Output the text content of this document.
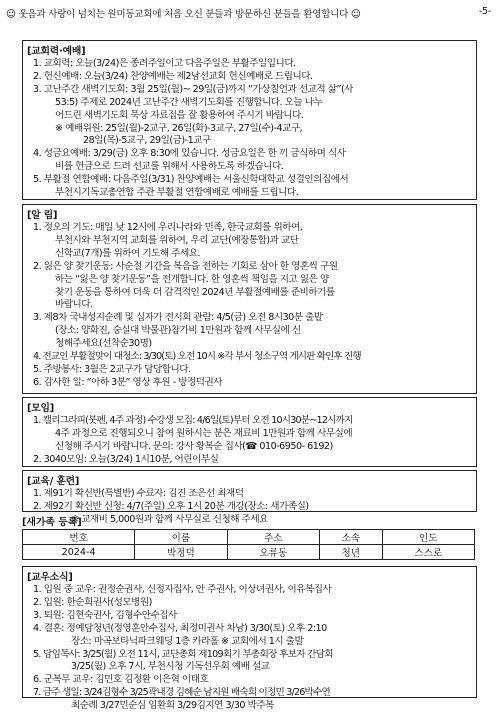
☺ 웃음과 사랑이 넘치는 원미동교회에 처음 오신 분들과 방문하신 분들을 환영합니다 ☺	-5-
[교회력·예배]
1. 교회력: 오늘(3/24)은 종려주일이고 다음주일은 부활주일입니다.
2. 헌신예배: 오늘(3/24) 찬양예배는 제2남선교회 헌신예배로 드립니다.
3. 고난주간 새벽기도회: 3월 25일(월)~ 29일(금)까지 “가상칠언과 선교적 삶”(사
53:5) 주제로 2024년 고난주간 새벽기도회를 진행합니다. 오늘 나누
어드린 새벽기도회 묵상 자료집을 잘 활용하여 주시기 바랍니다.
※ 예배위원: 25일(월)-2교구, 26일(화)-3교구, 27일(수)-4교구,
28일(목)-5교구, 29일(금)-1교구
4. 성금요예배: 3/29(금) 오후 8:30에 있습니다. 성금요일은 한 끼 금식하며 식사
비를 헌금으로 드려 선교를 위해서 사용하도록 하겠습니다.
5. 부활절 연합예배: 다음주일(3/31) 찬양예배는 서울신학대학교 성결인의집에서
부천시기독교총연합 주관 부활절 연합예배로 예배를 드립니다.
[알 림]
1. 정오의 기도: 매일 낮 12시에 우리나라와 민족, 한국교회를 위하여,
부천시와 부천지역 교회를 위하여, 우리 교단(예장통합)과 교단
신학교(7개)를 위하여 기도해 주세요.
2. 잃은 양 찾기운동: 사순절 기간을 복음을 전하는 기회로 삼아 한 영혼씩 구원
하는 “잃은 양 찾기운동”을 전개합니다. 한 영혼씩 책임을 지고 잃은 양
찾기 운동을 통하여 더욱 더 감격적인 2024년 부활절예배를 준비하기를
바랍니다.
3. 제8차 국내성지순례 및 십자가 전시회 관람: 4/5(금) 오전 8시30분 출발
(장소: 양화진, 숭실대 박물관)참가비 1만원과 함께 사무실에 신
청해주세요(선착순30명)
4. 전교인 부활절맞이 대청소: 3/30(토) 오전 10시 ※각 부서 청소구역 게시판 확인후 진행
5. 주방봉사: 3월은 2교구가 담당합니다.
6. 감사한 일: “아하 3분” 영상 후원 - 방정덕권사
[모임]
1. 캘리그라피(붓펜, 4주 과정) 수강생 모집: 4/6일(토)부터 오전 10시30분~12시까지
4주 과정으로 진행되오니 참여 원하시는 분은 재료비 1만원과 함께 사무실에
신청해 주시기 바랍니다. 문의: 강사 황복순 집사(☎ 010-6950- 6192)
2. 3040모임: 오늘(3/24) 1시10분, 어린이부실
[교육/ 훈련]
1. 제91기 확신반(특별반) 수료자: 김진 조은선 최재덕
2. 제92기 확신반 신청: 4/7(주일) 오후 1시 20분 개강(장소: 새가족실)
※ 교재비 5,000원과 함께 사무실로 신청해 주세요
[새가족 등록]
번호	이름	주소	소속	인도
2024-4	박정덕	오류동	청년	스스로
[교우소식]
1. 입원 중 교우: 권정순권사, 신정자집사, 안 주권사, 이상녀권사, 이유복집사
2. 입원: 한순희권사(성모병원)
3. 퇴원: 김현숙권사, 김형수안수집사
4. 결혼: 정예담청년(정영훈안수집사, 최정미권사 차남) 3/30(토) 오후 2:10
장소: 마곡보타닉파크웨딩 1층 카라홀 ※ 교회에서 1시 출발
5. 담임목사: 3/25(월) 오전 11시, 교단총회 제109회기 부총회장 후보자 간담회
3/25(월) 오후 7시, 부천시청 기독선우회 예배 설교
6. 군복무 교우: 김민호 김정환 이은혁 이태호
7. 금주 생일: 3/24김형수 3/25곽내경 김혜순 남지원 배숙희 이정민 3/26박수연
최순례 3/27민순심 임환희 3/29김지연 3/30 박주복
